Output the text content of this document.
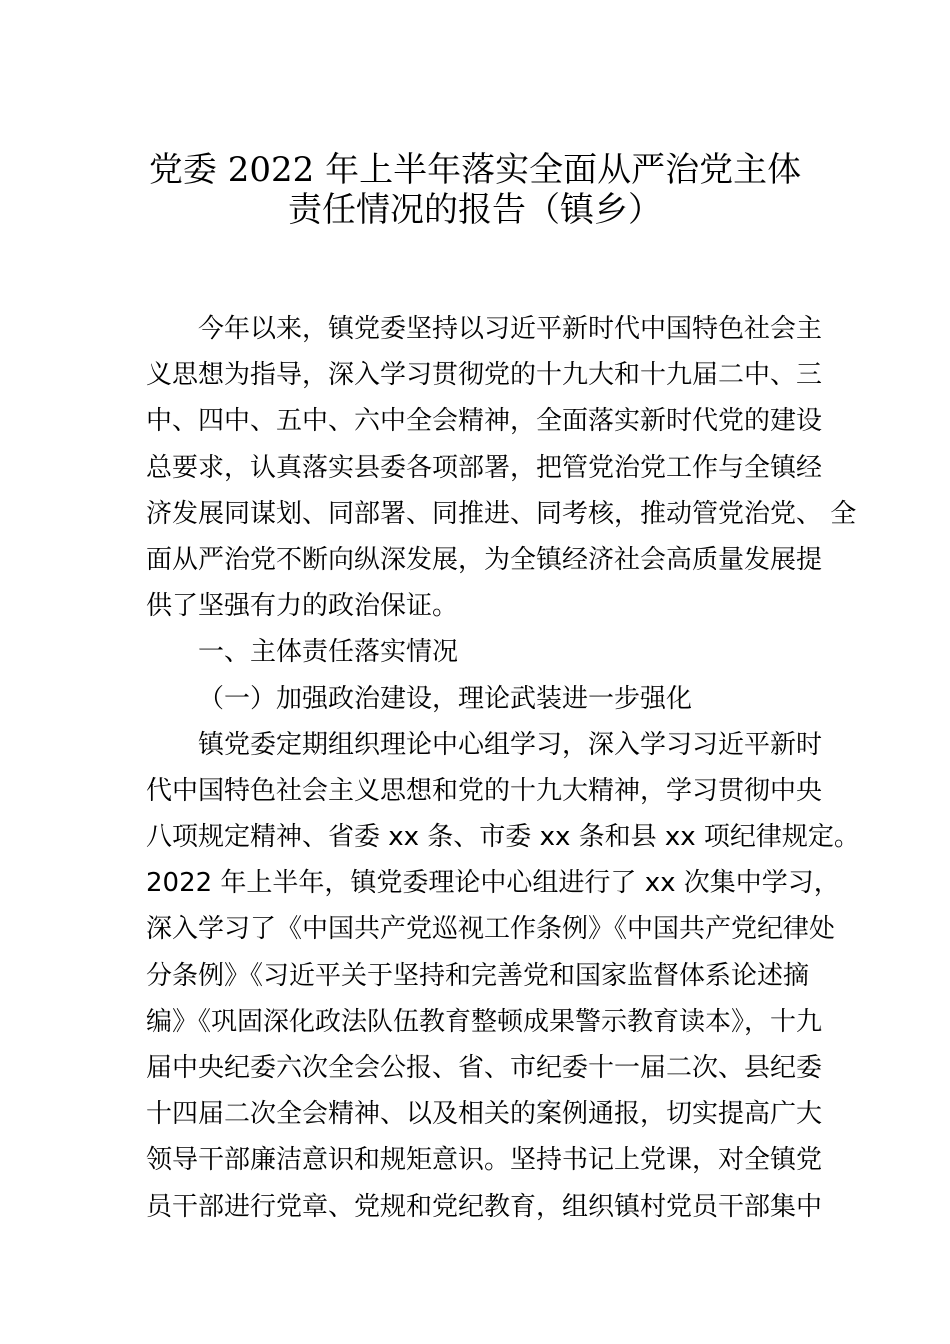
党委 2022 年上半年落实全面从严治党主体
责任情况的报告（镇乡）
今年以来，镇党委坚持以习近平新时代中国特色社会主
义思想为指导，深入学习贯彻党的十九大和十九届二中、三
中、四中、五中、六中全会精神，全面落实新时代党的建设
总要求，认真落实县委各项部署，把管党治党工作与全镇经
济发展同谋划、同部署、同推进、同考核，推动管党治党、 全
面从严治党不断向纵深发展，为全镇经济社会高质量发展提
供了坚强有力的政治保证。
一、主体责任落实情况
（一）加强政治建设，理论武装进一步强化
镇党委定期组织理论中心组学习，深入学习习近平新时
代中国特色社会主义思想和党的十九大精神，学习贯彻中央
八项规定精神、省委 xx 条、市委 xx 条和县 xx 项纪律规定。
2022 年上半年，镇党委理论中心组进行了 xx 次集中学习，
深入学习了《中国共产党巡视工作条例》《中国共产党纪律处
分条例》《习近平关于坚持和完善党和国家监督体系论述摘
编》《巩固深化政法队伍教育整顿成果警示教育读本》，十九
届中央纪委六次全会公报、省、市纪委十一届二次、县纪委
十四届二次全会精神、以及相关的案例通报，切实提高广大
领导干部廉洁意识和规矩意识。坚持书记上党课，对全镇党
员干部进行党章、党规和党纪教育，组织镇村党员干部集中
